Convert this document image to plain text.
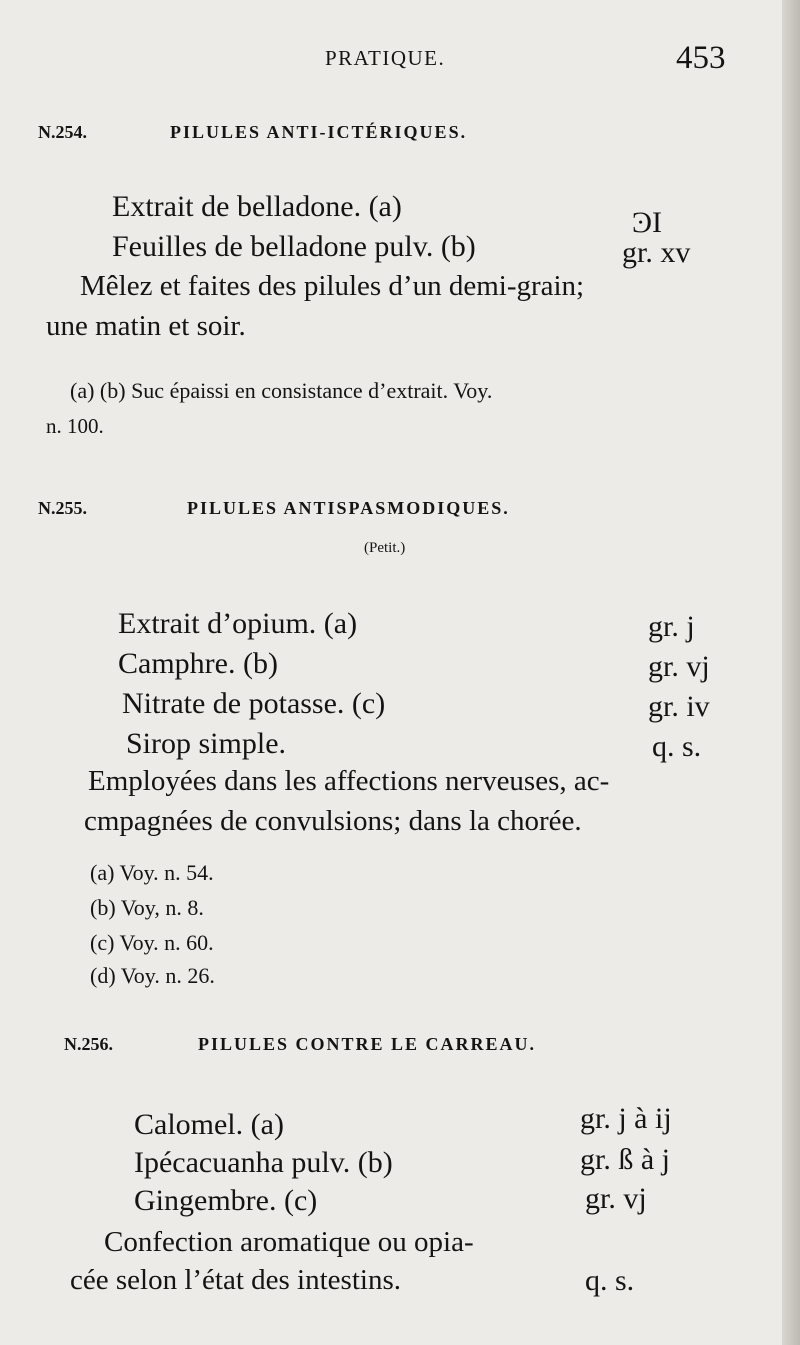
PRATIQUE.	453
N.254.	PILULES ANTI-ICTÉRIQUES.
Extrait de belladone. (a)	ϿΙ
Feuilles de belladone pulv. (b)	gr. xv
Mêlez et faites des pilules d’un demi-grain;
une matin et soir.
(a) (b) Suc épaissi en consistance d’extrait. Voy.
n. 100.
N.255.	PILULES ANTISPASMODIQUES.
(Petit.)
Extrait d’opium. (a)	gr. j
Camphre. (b)	gr. vj
Nitrate de potasse. (c)	gr. iv
Sirop simple.	q. s.
Employées dans les affections nerveuses, ac-
cmpagnées de convulsions; dans la chorée.
(a) Voy. n. 54.
(b) Voy, n. 8.
(c) Voy. n. 60.
(d) Voy. n. 26.
N.256.	PILULES CONTRE LE CARREAU.
Calomel. (a)	gr. j à ij
Ipécacuanha pulv. (b)	gr. ß à j
Gingembre. (c)	gr. vj
Confection aromatique ou opia-
cée selon l’état des intestins.	q. s.
